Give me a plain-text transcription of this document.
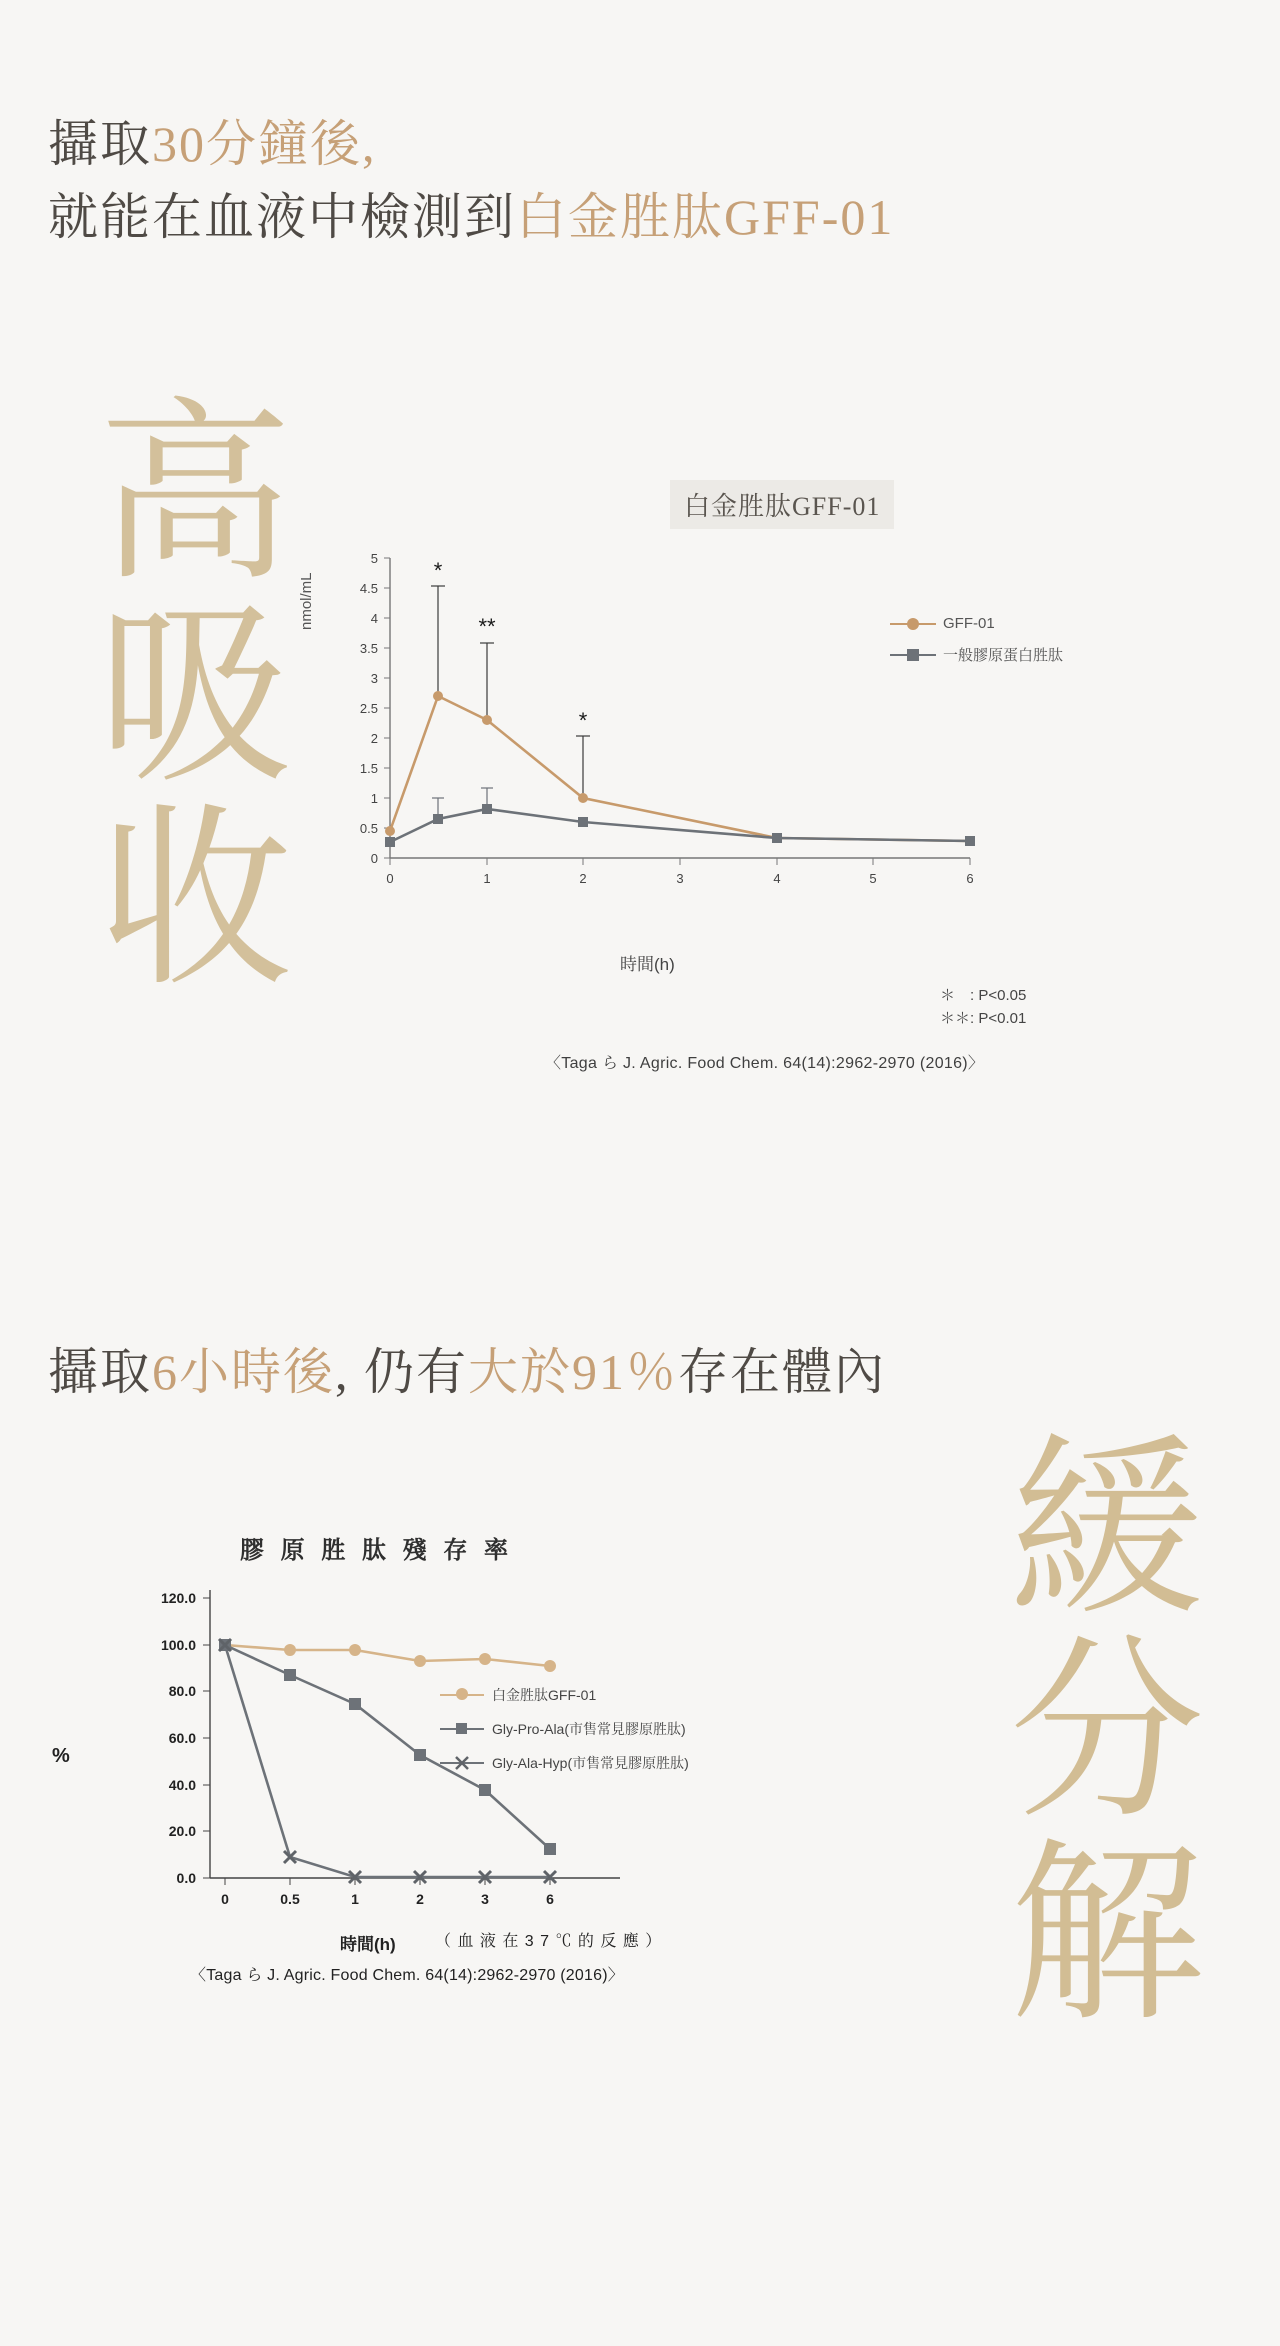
攝取30分鐘後,
就能在血液中檢測到白金胜肽GFF-01
高吸收
白金胜肽GFF-01
nmol/mL
0
0.5
1
1.5
2
2.5
3
3.5
4
4.5
5
0	1	2	3	4	5	6
*
**
*
時間(h)
GFF-01
一般膠原蛋白胜肽
＊　: P<0.05
＊＊: P<0.01
〈Taga ら J. Agric. Food Chem. 64(14):2962-2970 (2016)〉
攝取6小時後, 仍有大於91％存在體內
緩分解
膠 原 胜 肽 殘 存 率
%
0.0
20.0
40.0
60.0
80.0
100.0
120.0
0	0.5	1	2	3	6
時間(h)
白金胜肽GFF-01
Gly-Pro-Ala(市售常見膠原胜肽)
Gly-Ala-Hyp(市售常見膠原胜肽)
（ 血 液 在 3 7 ℃ 的 反 應 ）
〈Taga ら J. Agric. Food Chem. 64(14):2962-2970 (2016)〉
